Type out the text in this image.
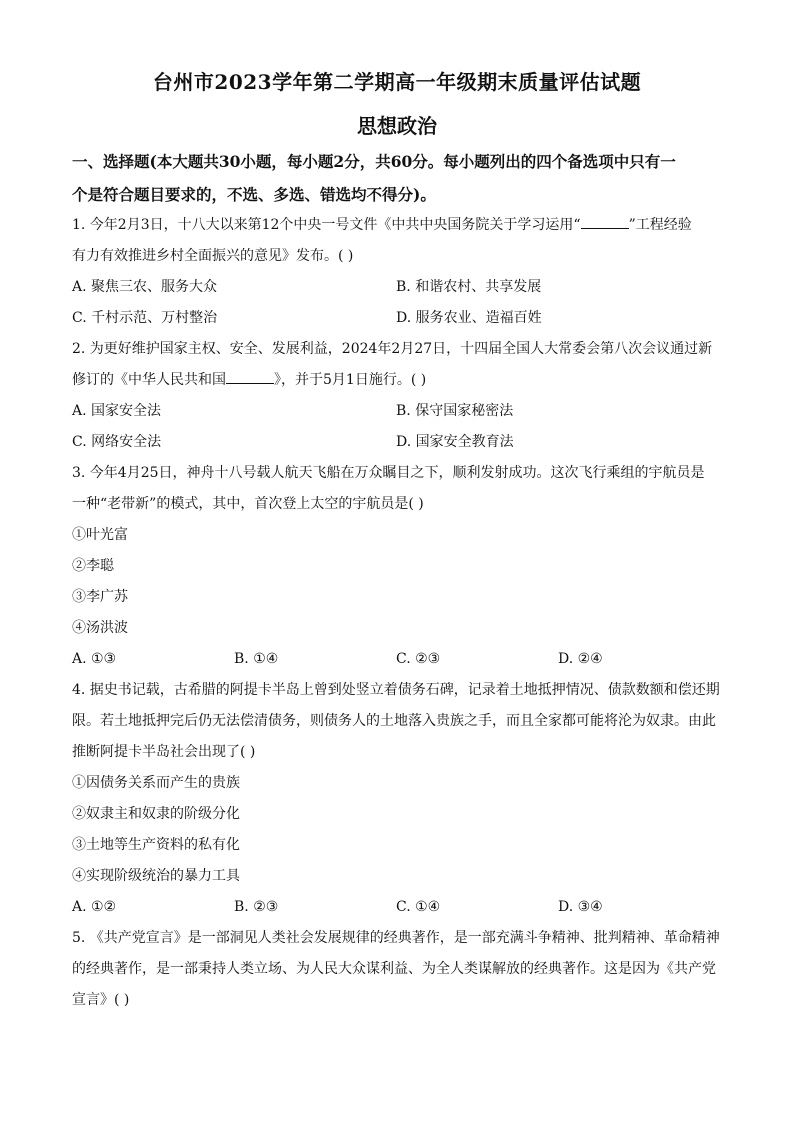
台州市2023学年第二学期高一年级期末质量评估试题
思想政治
一、选择题(本大题共30小题，每小题2分，共60分。每小题列出的四个备选项中只有一
个是符合题目要求的，不选、多选、错选均不得分)。
1. 今年2月3日，十八大以来第12个中央一号文件《中共中央国务院关于学习运用“	”工程经验
有力有效推进乡村全面振兴的意见》发布。( )
A. 聚焦三农、服务大众	B. 和谐农村、共享发展
C. 千村示范、万村整治	D. 服务农业、造福百姓
2. 为更好维护国家主权、安全、发展利益，2024年2月27日，十四届全国人大常委会第八次会议通过新
修订的《中华人民共和国	》，并于5月1日施行。( )
A. 国家安全法	B. 保守国家秘密法
C. 网络安全法	D. 国家安全教育法
3. 今年4月25日，神舟十八号载人航天飞船在万众瞩目之下，顺利发射成功。这次飞行乘组的宇航员是
一种“老带新”的模式，其中，首次登上太空的宇航员是( )
①叶光富
②李聪
③李广苏
④汤洪波
A. ①③	B. ①④	C. ②③	D. ②④
4. 据史书记载，古希腊的阿提卡半岛上曾到处竖立着债务石碑，记录着土地抵押情况、债款数额和偿还期
限。若土地抵押完后仍无法偿清债务，则债务人的土地落入贵族之手，而且全家都可能将沦为奴隶。由此
推断阿提卡半岛社会出现了( )
①因债务关系而产生的贵族
②奴隶主和奴隶的阶级分化
③土地等生产资料的私有化
④实现阶级统治的暴力工具
A. ①②	B. ②③	C. ①④	D. ③④
5. 《共产党宣言》是一部洞见人类社会发展规律的经典著作，是一部充满斗争精神、批判精神、革命精神
的经典著作，是一部秉持人类立场、为人民大众谋利益、为全人类谋解放的经典著作。这是因为《共产党
宣言》( )
